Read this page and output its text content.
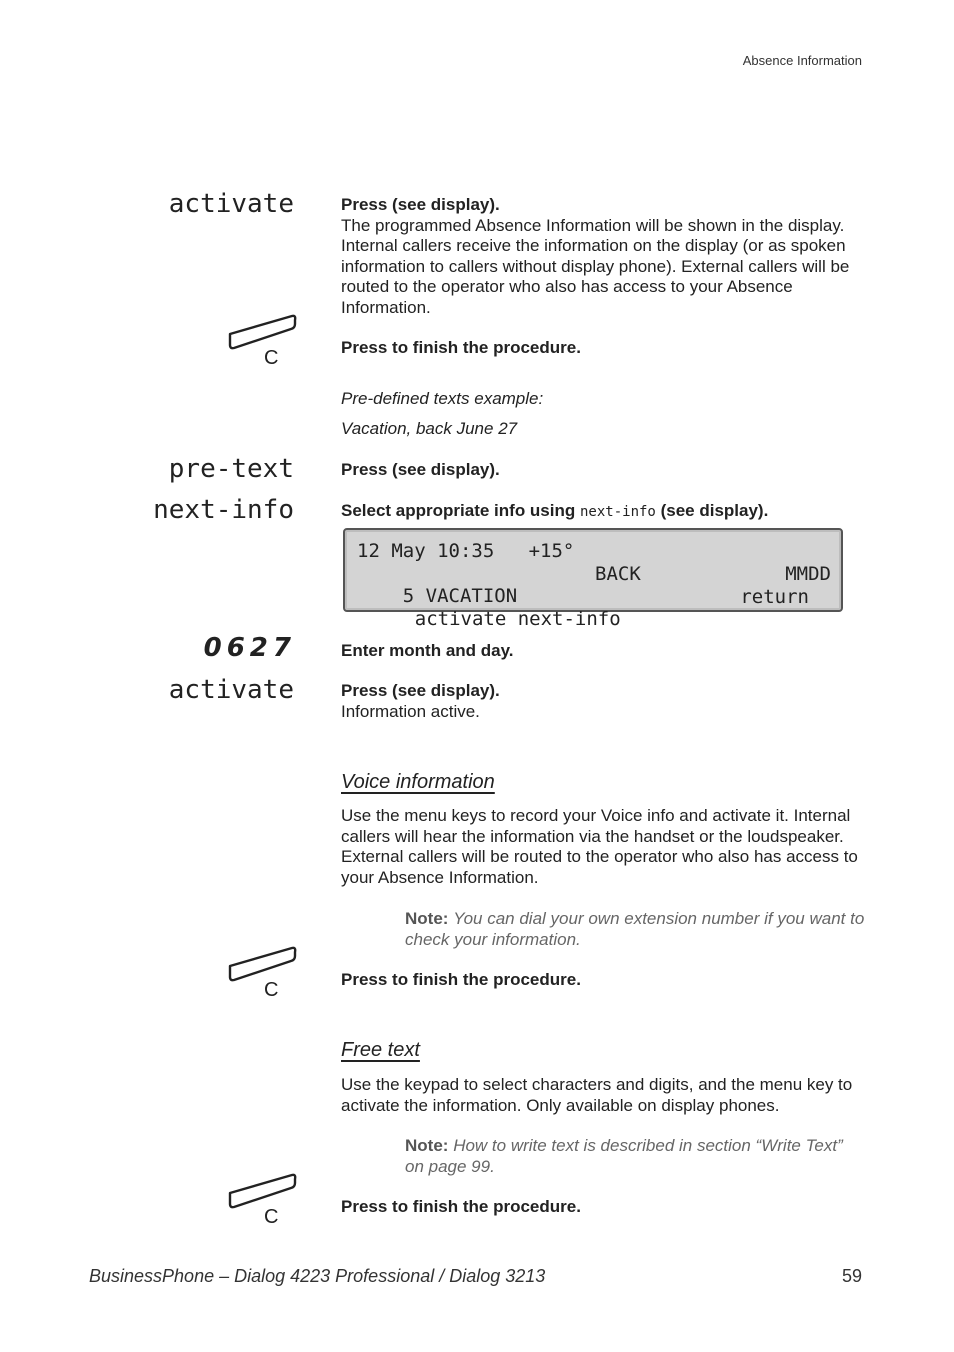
Absence Information
activate	Press (see display).
The programmed Absence Information will be shown in the display. Internal callers receive the information on the display (or as spoken information to callers without display phone). External callers will be routed to the operator who also has access to your Absence Information.
C	Press to finish the procedure.
Pre-defined texts example:
Vacation, back June 27
pre-text	Press (see display).
next-info	Select appropriate info using next-info (see display).
12 May 10:35   +15°

5 VACATION

BACK

	MMDD

activate next-info

return

0627	Enter month and day.
activate	Press (see display).
Information active.
Voice information
Use the menu keys to record your Voice info and activate it. Internal callers will hear the information via the handset or the loudspeaker. External callers will be routed to the operator who also has access to your Absence Information.
Note: You can dial your own extension number if you want to check your information.
C	Press to finish the procedure.
Free text
Use the keypad to select characters and digits, and the menu key to activate the information. Only available on display phones.
Note: How to write text is described in section “Write Text” on page 99.
C	Press to finish the procedure.
BusinessPhone – Dialog 4223 Professional / Dialog 3213	59
